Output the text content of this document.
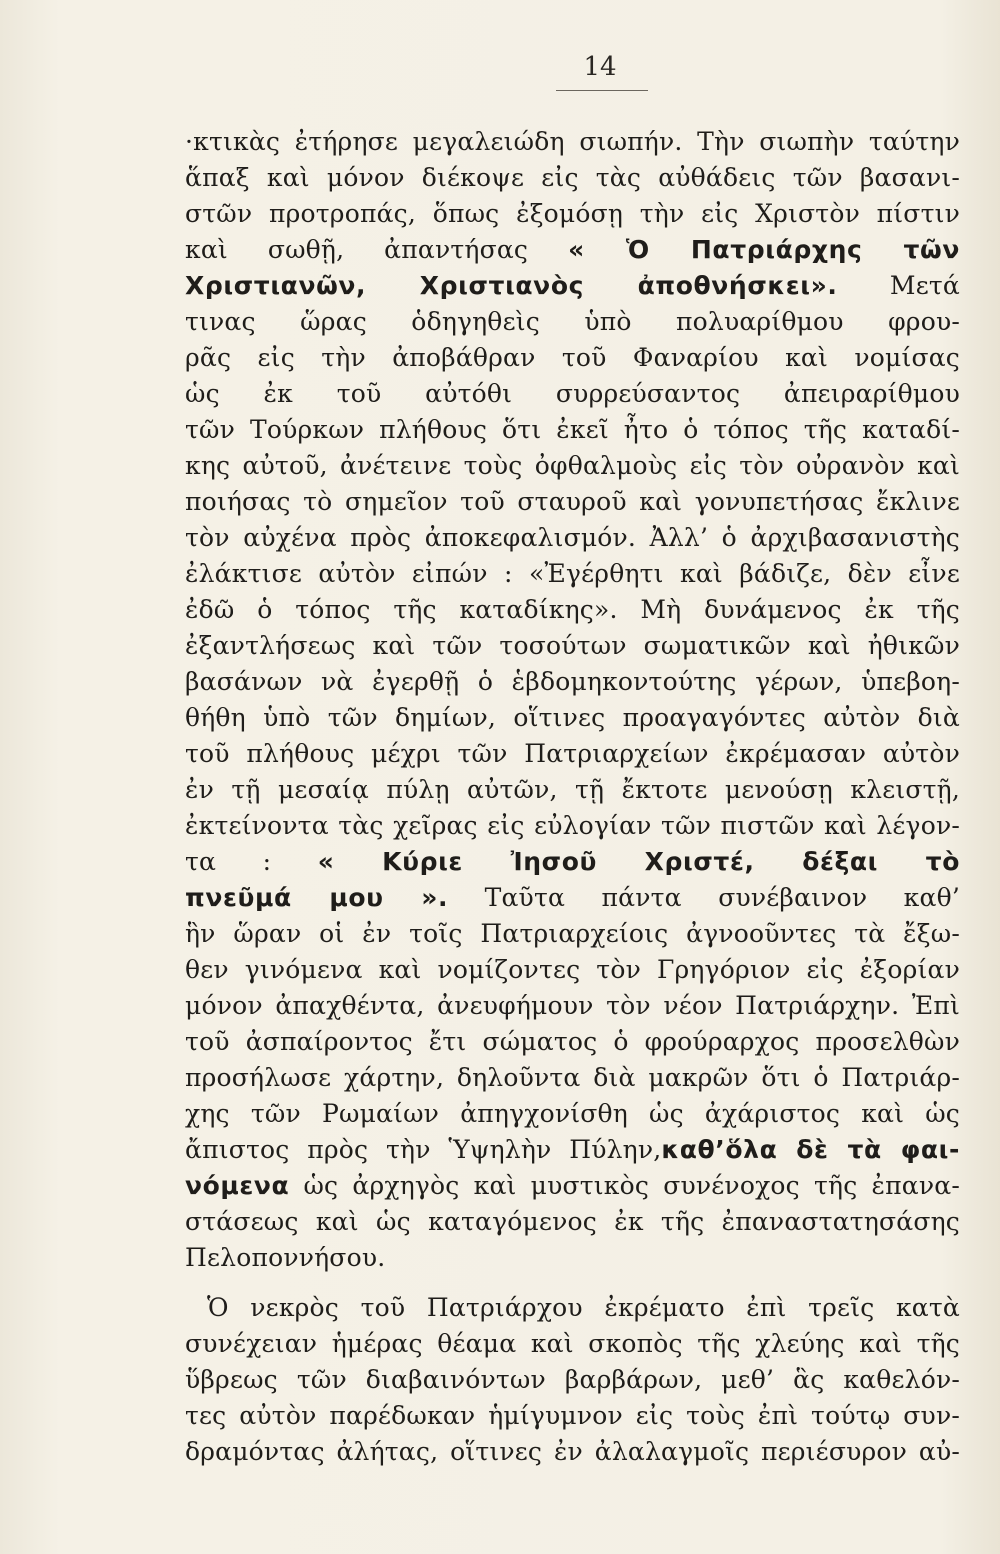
14
·κτικὰς ἐτήρησε μεγαλειώδη σιωπήν. Τὴν σιωπὴν ταύτην
ἅπαξ καὶ μόνον διέκοψε εἰς τὰς αὐθάδεις τῶν βασανι-
στῶν προτροπάς, ὅπως ἐξομόσῃ τὴν εἰς Χριστὸν πίστιν
καὶ σωθῇ, ἀπαντήσας « Ὁ Πατριάρχης τῶν
Χριστιανῶν, Χριστιανὸς ἀποθνήσκει». Μετά
τινας ὥρας ὁδηγηθεὶς ὑπὸ πολυαρίθμου φρου-
ρᾶς εἰς τὴν ἀποβάθραν τοῦ Φαναρίου καὶ νομίσας
ὡς ἐκ τοῦ αὐτόθι συρρεύσαντος ἀπειραρίθμου
τῶν Τούρκων πλήθους ὅτι ἐκεῖ ἦτο ὁ τόπος τῆς καταδί-
κης αὐτοῦ, ἀνέτεινε τοὺς ὀφθαλμοὺς εἰς τὸν οὐρανὸν καὶ
ποιήσας τὸ σημεῖον τοῦ σταυροῦ καὶ γονυπετήσας ἔκλινε
τὸν αὐχένα πρὸς ἀποκεφαλισμόν. Ἀλλ’ ὁ ἀρχιβασανιστὴς
ἐλάκτισε αὐτὸν εἰπών : «Ἐγέρθητι καὶ βάδιζε, δὲν εἶνε
ἐδῶ ὁ τόπος τῆς καταδίκης». Μὴ δυνάμενος ἐκ τῆς
ἐξαντλήσεως καὶ τῶν τοσούτων σωματικῶν καὶ ἠθικῶν
βασάνων νὰ ἐγερθῇ ὁ ἑβδομηκοντούτης γέρων, ὑπεβοη-
θήθη ὑπὸ τῶν δημίων, οἵτινες προαγαγόντες αὐτὸν διὰ
τοῦ πλήθους μέχρι τῶν Πατριαρχείων ἐκρέμασαν αὐτὸν
ἐν τῇ μεσαίᾳ πύλῃ αὐτῶν, τῇ ἔκτοτε μενούσῃ κλειστῇ,
ἐκτείνοντα τὰς χεῖρας εἰς εὐλογίαν τῶν πιστῶν καὶ λέγον-
τα : « Κύριε Ἰησοῦ Χριστέ, δέξαι τὸ
πνεῦμά μου ». Ταῦτα πάντα συνέβαινον καθ’
ἣν ὥραν οἱ ἐν τοῖς Πατριαρχείοις ἀγνοοῦντες τὰ ἔξω-
θεν γινόμενα καὶ νομίζοντες τὸν Γρηγόριον εἰς ἐξορίαν
μόνον ἀπαχθέντα, ἀνευφήμουν τὸν νέον Πατριάρχην. Ἐπὶ
τοῦ ἀσπαίροντος ἔτι σώματος ὁ φρούραρχος προσελθὼν
προσήλωσε χάρτην, δηλοῦντα διὰ μακρῶν ὅτι ὁ Πατριάρ-
χης τῶν Ρωμαίων ἀπηγχονίσθη ὡς ἀχάριστος καὶ ὡς
ἄπιστος πρὸς τὴν Ὑψηλὴν Πύλην,καθ’ὅλα δὲ τὰ φαι-
νόμενα ὡς ἀρχηγὸς καὶ μυστικὸς συνένοχος τῆς ἐπανα-
στάσεως καὶ ὡς καταγόμενος ἐκ τῆς ἐπαναστατησάσης
Πελοποννήσου.
Ὁ νεκρὸς τοῦ Πατριάρχου ἐκρέματο ἐπὶ τρεῖς κατὰ
συνέχειαν ἡμέρας θέαμα καὶ σκοπὸς τῆς χλεύης καὶ τῆς
ὕβρεως τῶν διαβαινόντων βαρβάρων, μεθ’ ἃς καθελόν-
τες αὐτὸν παρέδωκαν ἡμίγυμνον εἰς τοὺς ἐπὶ τούτῳ συν-
δραμόντας ἀλήτας, οἵτινες ἐν ἀλαλαγμοῖς περιέσυρον αὐ-
